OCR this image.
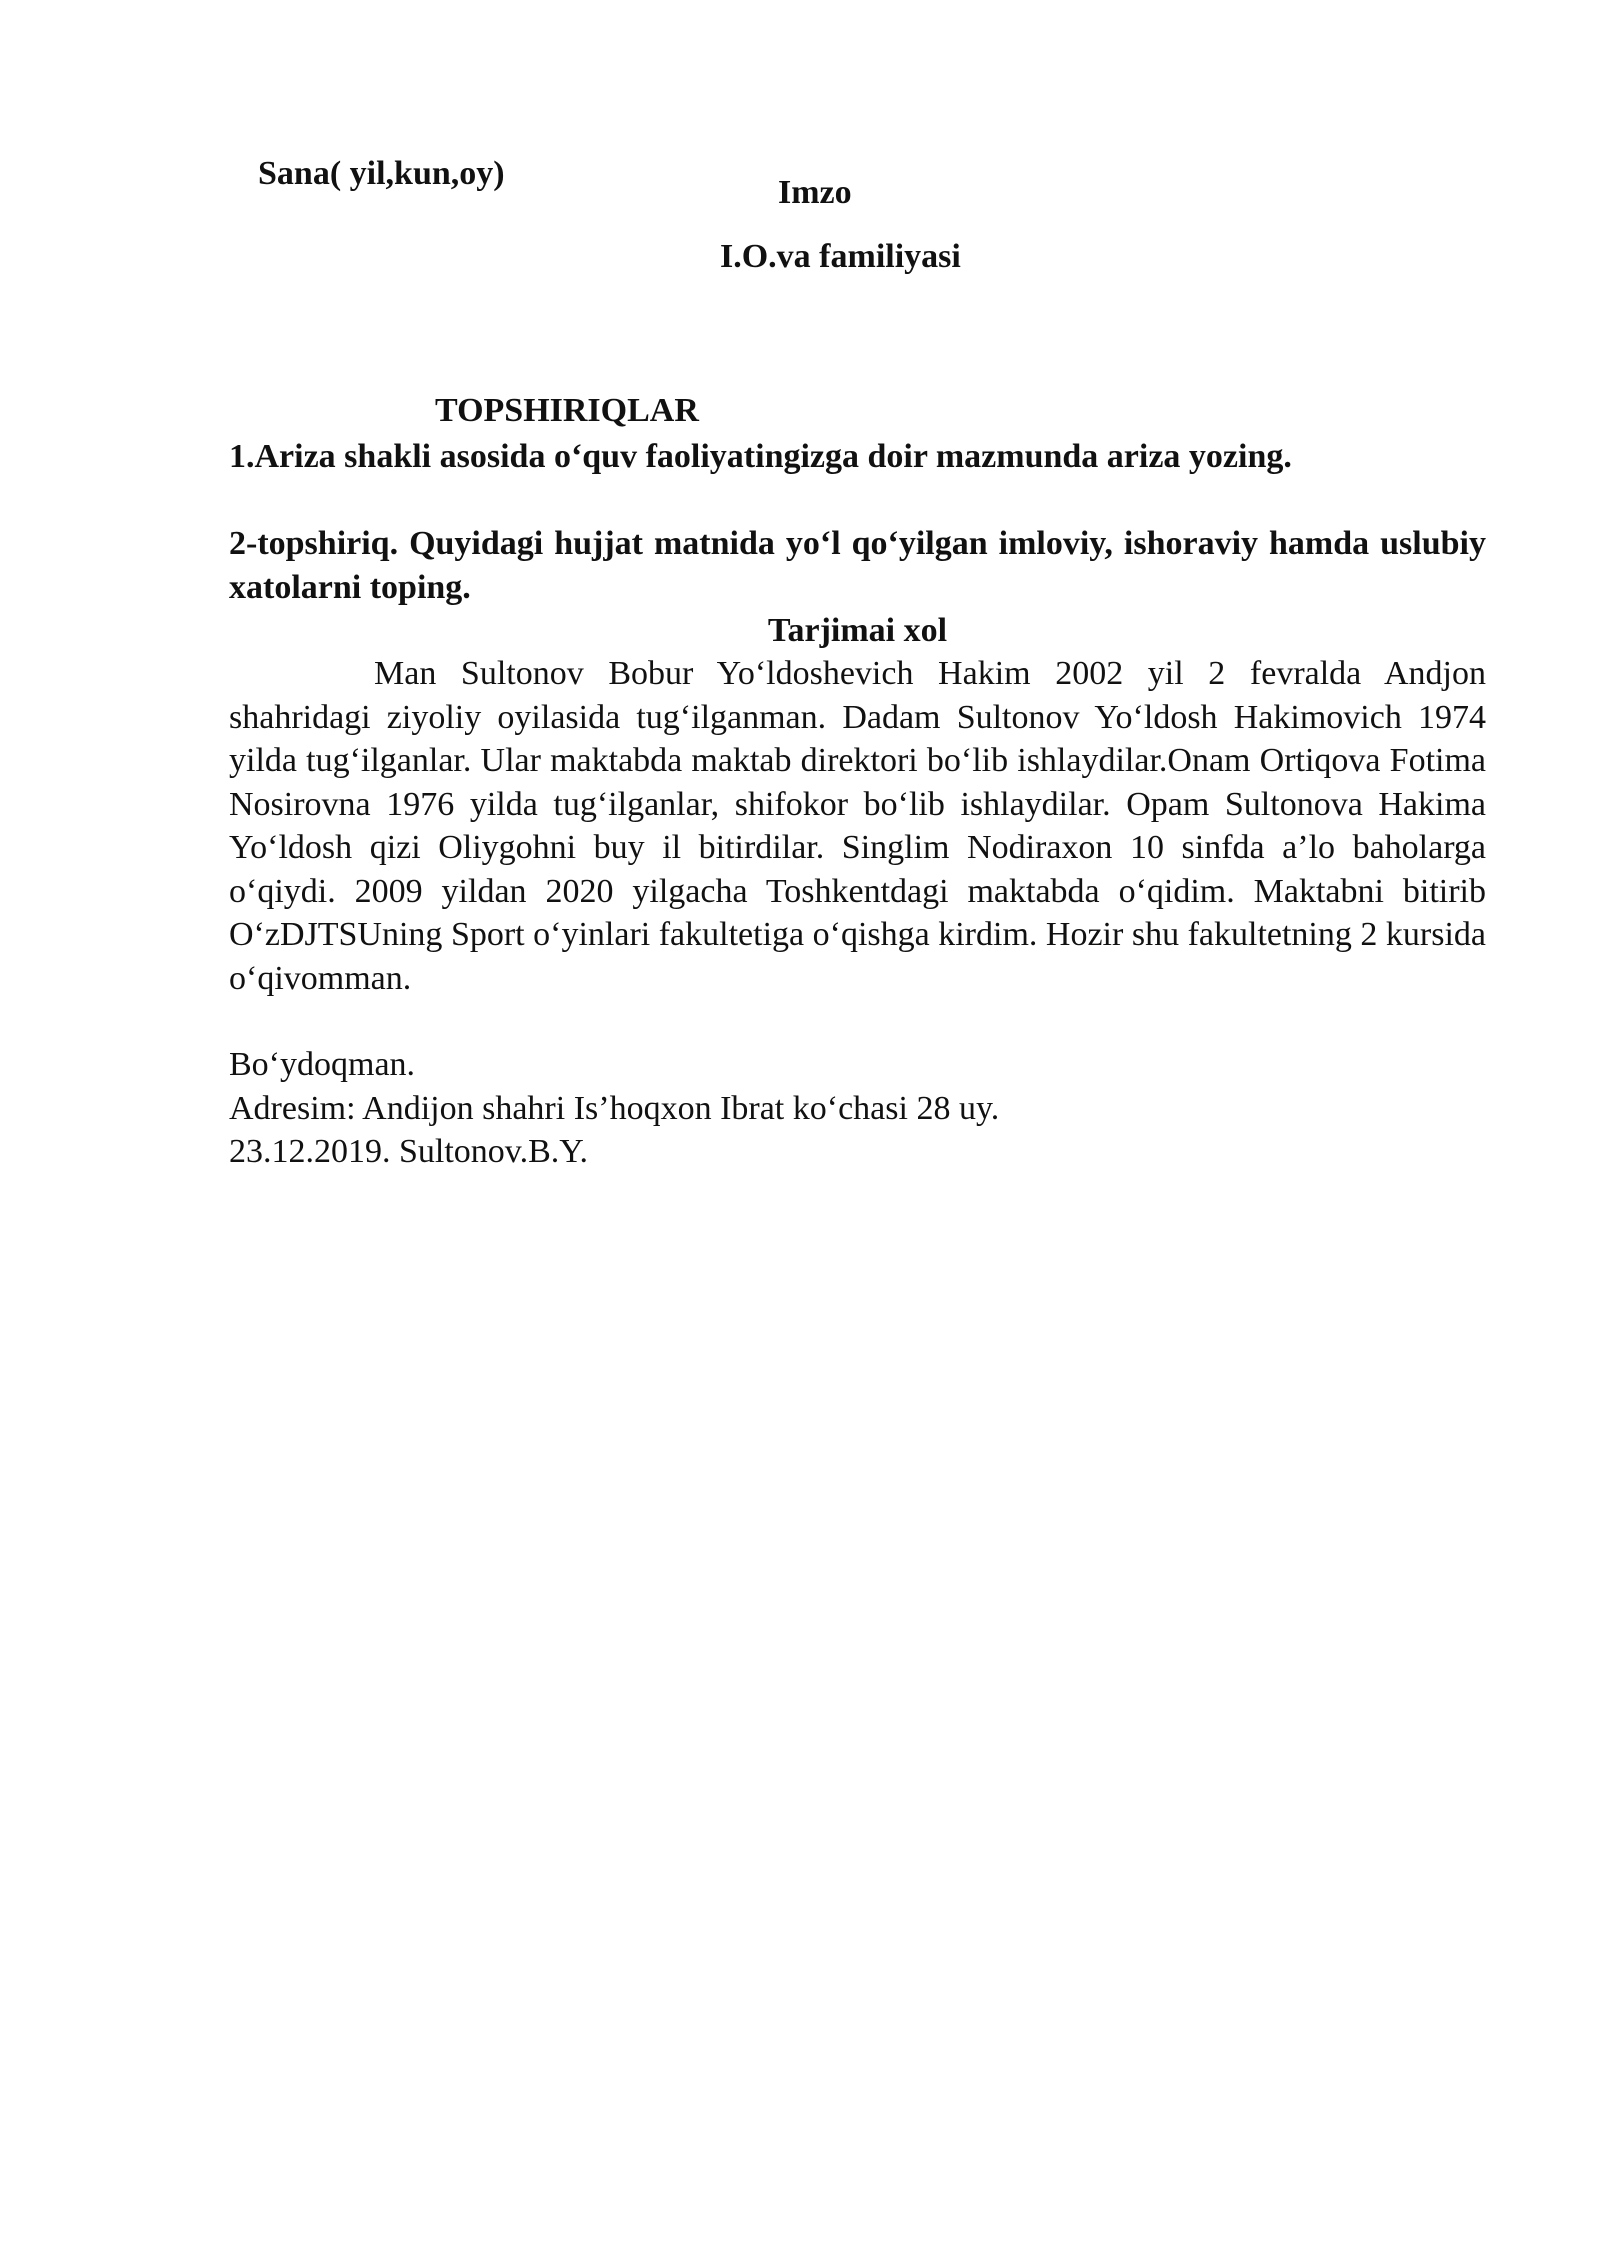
Sana( yil,kun,oy)
Imzo
I.O.va familiyasi
TOPSHIRIQLAR
1.Ariza shakli asosida o‘quv faoliyatingizga doir mazmunda ariza yozing.
2-topshiriq. Quyidagi hujjat matnida yo‘l qo‘yilgan imloviy, ishoraviy hamda uslubiy xatolarni toping.
Tarjimai xol
Man Sultonov Bobur Yo‘ldoshevich Hakim 2002 yil 2 fevralda Andjon shahridagi ziyoliy oyilasida tug‘ilganman. Dadam Sultonov Yo‘ldosh Hakimovich 1974 yilda tug‘ilganlar. Ular maktabda maktab direktori bo‘lib ishlaydilar.Onam Ortiqova Fotima Nosirovna 1976 yilda tug‘ilganlar, shifokor bo‘lib ishlaydilar. Opam Sultonova Hakima Yo‘ldosh qizi Oliygohni buy il bitirdilar. Singlim Nodiraxon 10 sinfda a’lo baholarga o‘qiydi. 2009 yildan 2020 yilgacha Toshkentdagi maktabda o‘qidim. Maktabni bitirib O‘zDJTSUning Sport o‘yinlari fakultetiga o‘qishga kirdim. Hozir shu fakultetning 2 kursida o‘qivomman.
Bo‘ydoqman.
Adresim: Andijon shahri Is’hoqxon Ibrat ko‘chasi 28 uy.
23.12.2019. Sultonov.B.Y.
